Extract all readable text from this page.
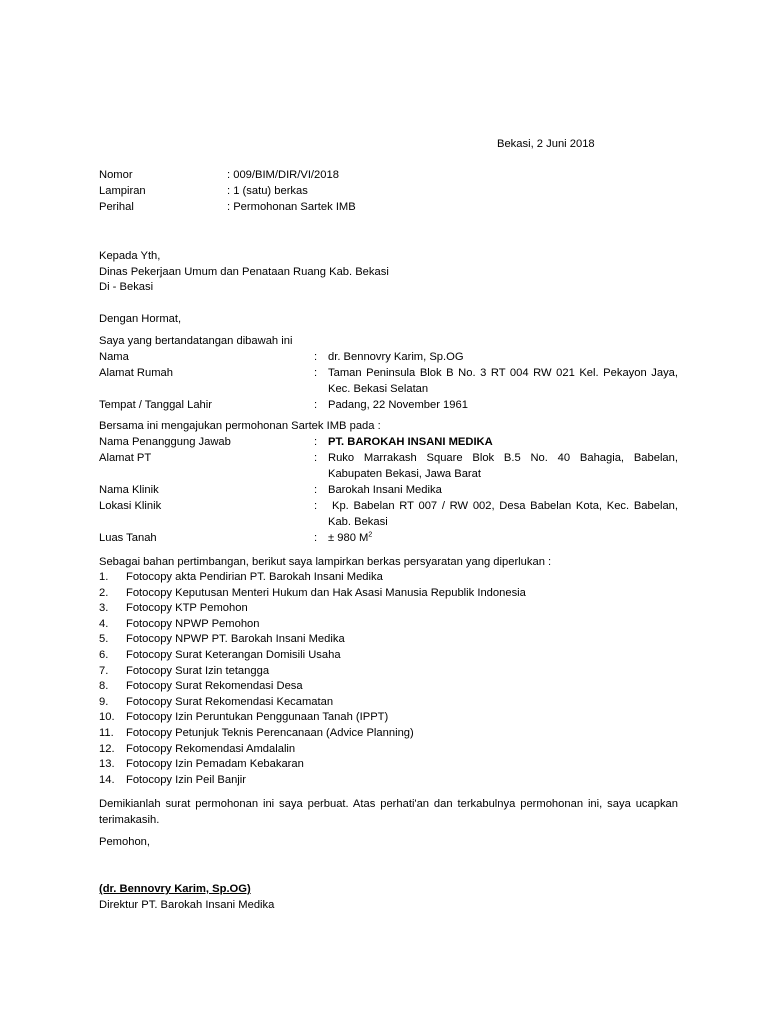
Bekasi, 2 Juni 2018
Nomor	: 009/BIM/DIR/VI/2018
Lampiran	: 1 (satu) berkas
Perihal	: Permohonan Sartek IMB
Kepada Yth,
Dinas Pekerjaan Umum dan Penataan Ruang Kab. Bekasi
Di - Bekasi
Dengan Hormat,
Saya yang bertandatangan dibawah ini
Nama	: dr. Bennovry Karim, Sp.OG
Alamat Rumah	: Taman Peninsula Blok B No. 3 RT 004 RW 021 Kel. Pekayon Jaya, Kec. Bekasi Selatan
Tempat / Tanggal Lahir	: Padang, 22 November 1961
Bersama ini mengajukan permohonan Sartek IMB pada :
Nama Penanggung Jawab	: PT. BAROKAH INSANI MEDIKA
Alamat PT	: Ruko Marrakash Square Blok B.5 No. 40 Bahagia, Babelan, Kabupaten Bekasi, Jawa Barat
Nama Klinik	: Barokah Insani Medika
Lokasi Klinik	:	Kp. Babelan RT 007 / RW 002, Desa Babelan Kota, Kec. Babelan, Kab. Bekasi
Luas Tanah	: ± 980 $M^2$
Sebagai bahan pertimbangan, berikut saya lampirkan berkas persyaratan yang diperlukan :
1. Fotocopy akta Pendirian PT. Barokah Insani Medika
2. Fotocopy Keputusan Menteri Hukum dan Hak Asasi Manusia Republik Indonesia
3. Fotocopy KTP Pemohon
4. Fotocopy NPWP Pemohon
5. Fotocopy NPWP PT. Barokah Insani Medika
6. Fotocopy Surat Keterangan Domisili Usaha
7. Fotocopy Surat Izin tetangga
8. Fotocopy Surat Rekomendasi Desa
9. Fotocopy Surat Rekomendasi Kecamatan
10. Fotocopy Izin Peruntukan Penggunaan Tanah (IPPT)
11. Fotocopy Petunjuk Teknis Perencanaan (Advice Planning)
12. Fotocopy Rekomendasi Amdalalin
13. Fotocopy Izin Pemadam Kebakaran
14. Fotocopy Izin Peil Banjir
Demikianlah surat permohonan ini saya perbuat. Atas perhati'an dan terkabulnya permohonan ini, saya ucapkan terimakasih.
Pemohon,
(dr. Bennovry Karim, Sp.OG)
Direktur PT. Barokah Insani Medika
